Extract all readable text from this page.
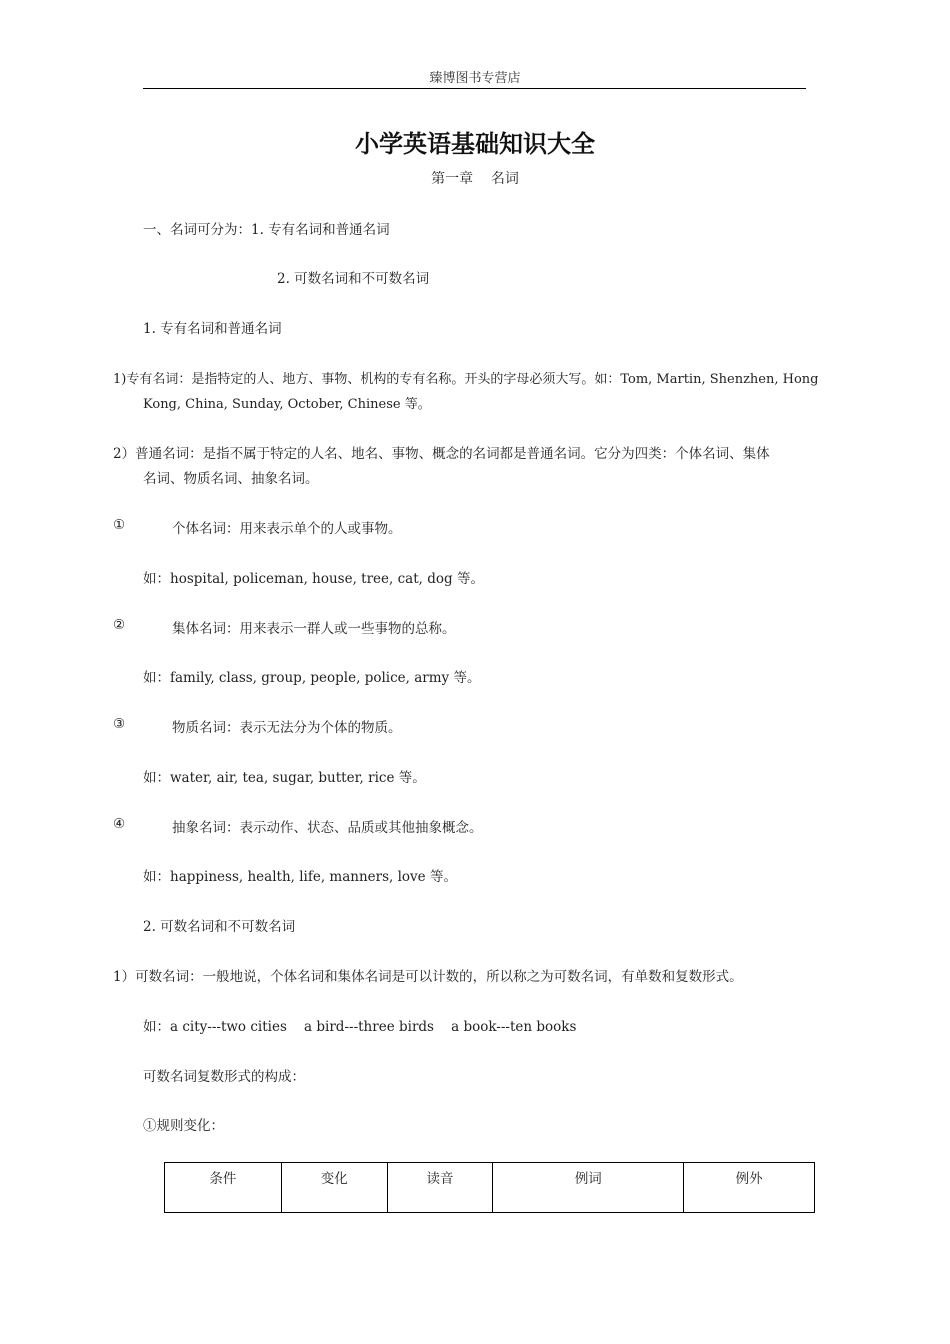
臻博图书专营店
小学英语基础知识大全
第一章    名词
一、名词可分为：1. 专有名词和普通名词
2. 可数名词和不可数名词
1. 专有名词和普通名词
1)专有名词：是指特定的人、地方、事物、机构的专有名称。开头的字母必须大写。如：Tom, Martin, Shenzhen, Hong
Kong, China, Sunday, October, Chinese 等。
2）普通名词：是指不属于特定的人名、地名、事物、概念的名词都是普通名词。它分为四类：个体名词、集体
名词、物质名词、抽象名词。
①	个体名词：用来表示单个的人或事物。
如：hospital, policeman, house, tree, cat, dog 等。
②	集体名词：用来表示一群人或一些事物的总称。
如：family, class, group, people, police, army 等。
③	物质名词：表示无法分为个体的物质。
如：water, air, tea, sugar, butter, rice 等。
④	抽象名词：表示动作、状态、品质或其他抽象概念。
如：happiness, health, life, manners, love 等。
2. 可数名词和不可数名词
1）可数名词：一般地说，个体名词和集体名词是可以计数的，所以称之为可数名词，有单数和复数形式。
如：a city---two cities    a bird---three birds    a book---ten books
可数名词复数形式的构成：
①规则变化：
条件	变化	读音	例词	例外
